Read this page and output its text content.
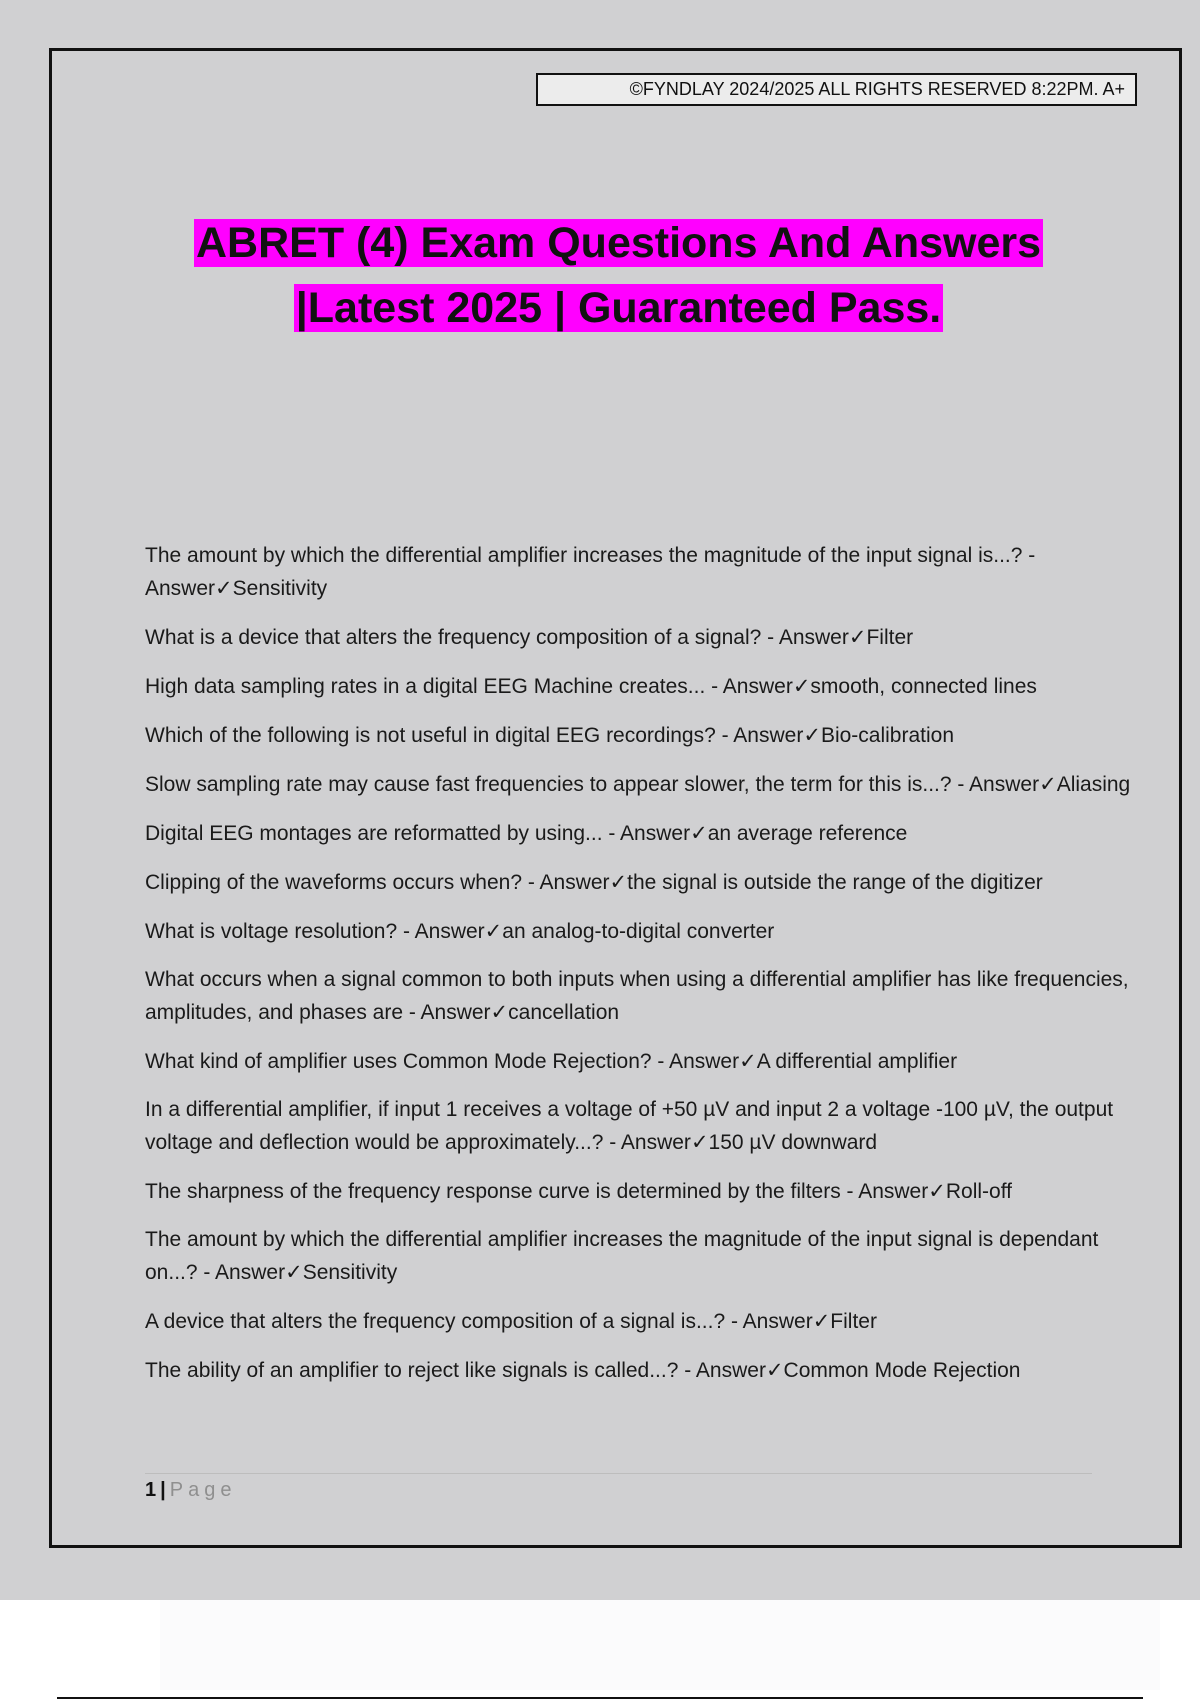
©FYNDLAY 2024/2025 ALL RIGHTS RESERVED 8:22PM. A+
ABRET (4) Exam Questions And Answers
|Latest 2025 | Guaranteed Pass.
The amount by which the differential amplifier increases the magnitude of the input signal is...? - Answer✓Sensitivity
What is a device that alters the frequency composition of a signal? - Answer✓Filter
High data sampling rates in a digital EEG Machine creates... - Answer✓smooth, connected lines
Which of the following is not useful in digital EEG recordings? - Answer✓Bio-calibration
Slow sampling rate may cause fast frequencies to appear slower, the term for this is...? - Answer✓Aliasing
Digital EEG montages are reformatted by using... - Answer✓an average reference
Clipping of the waveforms occurs when? - Answer✓the signal is outside the range of the digitizer
What is voltage resolution? - Answer✓an analog-to-digital converter
What occurs when a signal common to both inputs when using a differential amplifier has like frequencies, amplitudes, and phases are - Answer✓cancellation
What kind of amplifier uses Common Mode Rejection? - Answer✓A differential amplifier
In a differential amplifier, if input 1 receives a voltage of +50 µV and input 2 a voltage -100 µV, the output voltage and deflection would be approximately...? - Answer✓150 µV downward
The sharpness of the frequency response curve is determined by the filters - Answer✓Roll-off
The amount by which the differential amplifier increases the magnitude of the input signal is dependant on...? - Answer✓Sensitivity
A device that alters the frequency composition of a signal is...? - Answer✓Filter
The ability of an amplifier to reject like signals is called...? - Answer✓Common Mode Rejection
1 | Page
